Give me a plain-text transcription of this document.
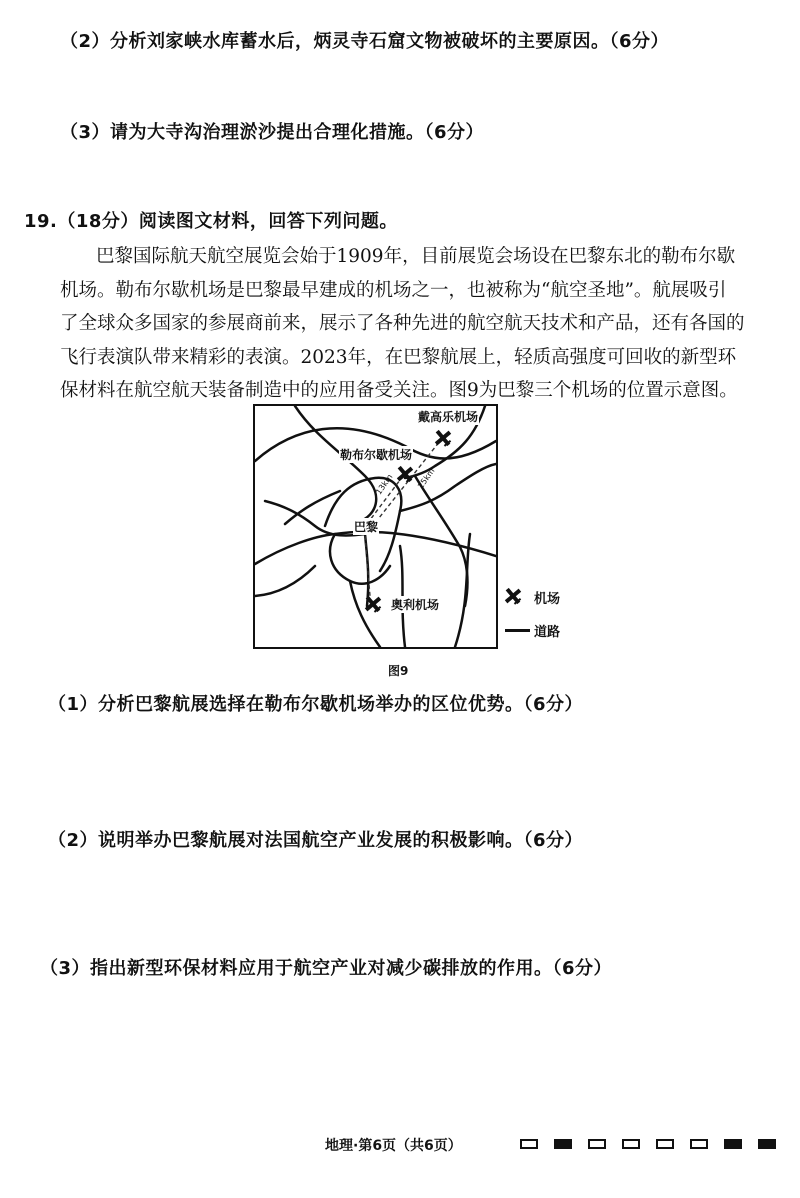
（2）分析刘家峡水库蓄水后，炳灵寺石窟文物被破坏的主要原因。（6分）
（3）请为大寺沟治理淤沙提出合理化措施。（6分）
19.（18分）阅读图文材料，回答下列问题。

巴黎国际航天航空展览会始于1909年，目前展览会场设在巴黎东北的勒布尔歇

机场。勒布尔歇机场是巴黎最早建成的机场之一，也被称为“航空圣地”。航展吸引

了全球众多国家的参展商前来，展示了各种先进的航空航天技术和产品，还有各国的

飞行表演队带来精彩的表演。2023年，在巴黎航展上，轻质高强度可回收的新型环

保材料在航空航天装备制造中的应用备受关注。图9为巴黎三个机场的位置示意图。

戴高乐机场
勒布尔歇机场
巴黎
奥利机场
13km	25km
机场
道路
图9
（1）分析巴黎航展选择在勒布尔歇机场举办的区位优势。（6分）
（2）说明举办巴黎航展对法国航空产业发展的积极影响。（6分）
（3）指出新型环保材料应用于航空产业对减少碳排放的作用。（6分）
地理·第6页（共6页）
